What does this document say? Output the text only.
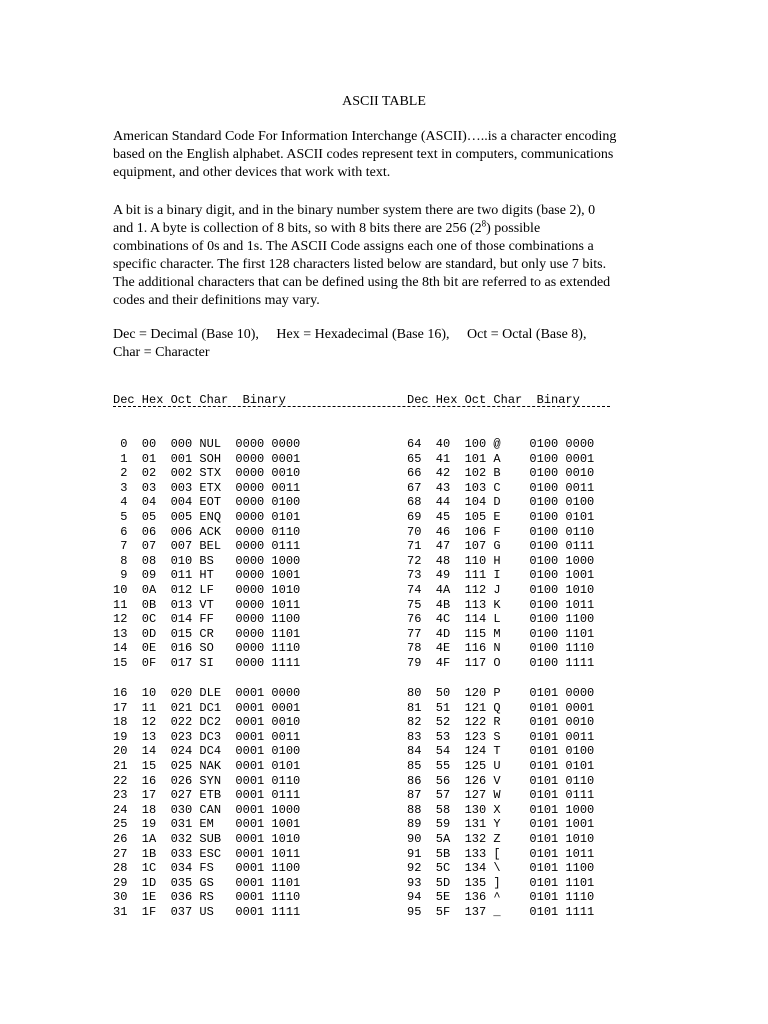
ASCII TABLE

American Standard Code For Information Interchange (ASCII)…..is a character encoding
based on the English alphabet. ASCII codes represent text in computers, communications
equipment, and other devices that work with text.

A bit is a binary digit, and in the binary number system there are two digits (base 2), 0
and 1. A byte is collection of 8 bits, so with 8 bits there are 256 $(2^8)$ possible
combinations of 0s and 1s. The ASCII Code assigns each one of those combinations a
specific character. The first 128 characters listed below are standard, but only use 7 bits.
The additional characters that can be defined using the 8th bit are referred to as extended
codes and their definitions may vary.

Dec = Decimal (Base 10),     Hex = Hexadecimal (Base 16),     Oct = Octal (Base 8),
Char = Character
Dec Hex Oct Char  Binary	Dec Hex Oct Char  Binary
0  00  000 NUL  0000 0000
1  01  001 SOH  0000 0001
2  02  002 STX  0000 0010
3  03  003 ETX  0000 0011
4  04  004 EOT  0000 0100
5  05  005 ENQ  0000 0101
6  06  006 ACK  0000 0110
7  07  007 BEL  0000 0111
8  08  010 BS   0000 1000
9  09  011 HT   0000 1001
10  0A  012 LF   0000 1010
11  0B  013 VT   0000 1011
12  0C  014 FF   0000 1100
13  0D  015 CR   0000 1101
14  0E  016 SO   0000 1110
15  0F  017 SI   0000 1111
64  40  100 @    0100 0000
65  41  101 A    0100 0001
66  42  102 B    0100 0010
67  43  103 C    0100 0011
68  44  104 D    0100 0100
69  45  105 E    0100 0101
70  46  106 F    0100 0110
71  47  107 G    0100 0111
72  48  110 H    0100 1000
73  49  111 I    0100 1001
74  4A  112 J    0100 1010
75  4B  113 K    0100 1011
76  4C  114 L    0100 1100
77  4D  115 M    0100 1101
78  4E  116 N    0100 1110
79  4F  117 O    0100 1111
16  10  020 DLE  0001 0000
17  11  021 DC1  0001 0001
18  12  022 DC2  0001 0010
19  13  023 DC3  0001 0011
20  14  024 DC4  0001 0100
21  15  025 NAK  0001 0101
22  16  026 SYN  0001 0110
23  17  027 ETB  0001 0111
24  18  030 CAN  0001 1000
25  19  031 EM   0001 1001
26  1A  032 SUB  0001 1010
27  1B  033 ESC  0001 1011
28  1C  034 FS   0001 1100
29  1D  035 GS   0001 1101
30  1E  036 RS   0001 1110
31  1F  037 US   0001 1111
80  50  120 P    0101 0000
81  51  121 Q    0101 0001
82  52  122 R    0101 0010
83  53  123 S    0101 0011
84  54  124 T    0101 0100
85  55  125 U    0101 0101
86  56  126 V    0101 0110
87  57  127 W    0101 0111
88  58  130 X    0101 1000
89  59  131 Y    0101 1001
90  5A  132 Z    0101 1010
91  5B  133 [    0101 1011
92  5C  134 \    0101 1100
93  5D  135 ]    0101 1101
94  5E  136 ^    0101 1110
95  5F  137 _    0101 1111
